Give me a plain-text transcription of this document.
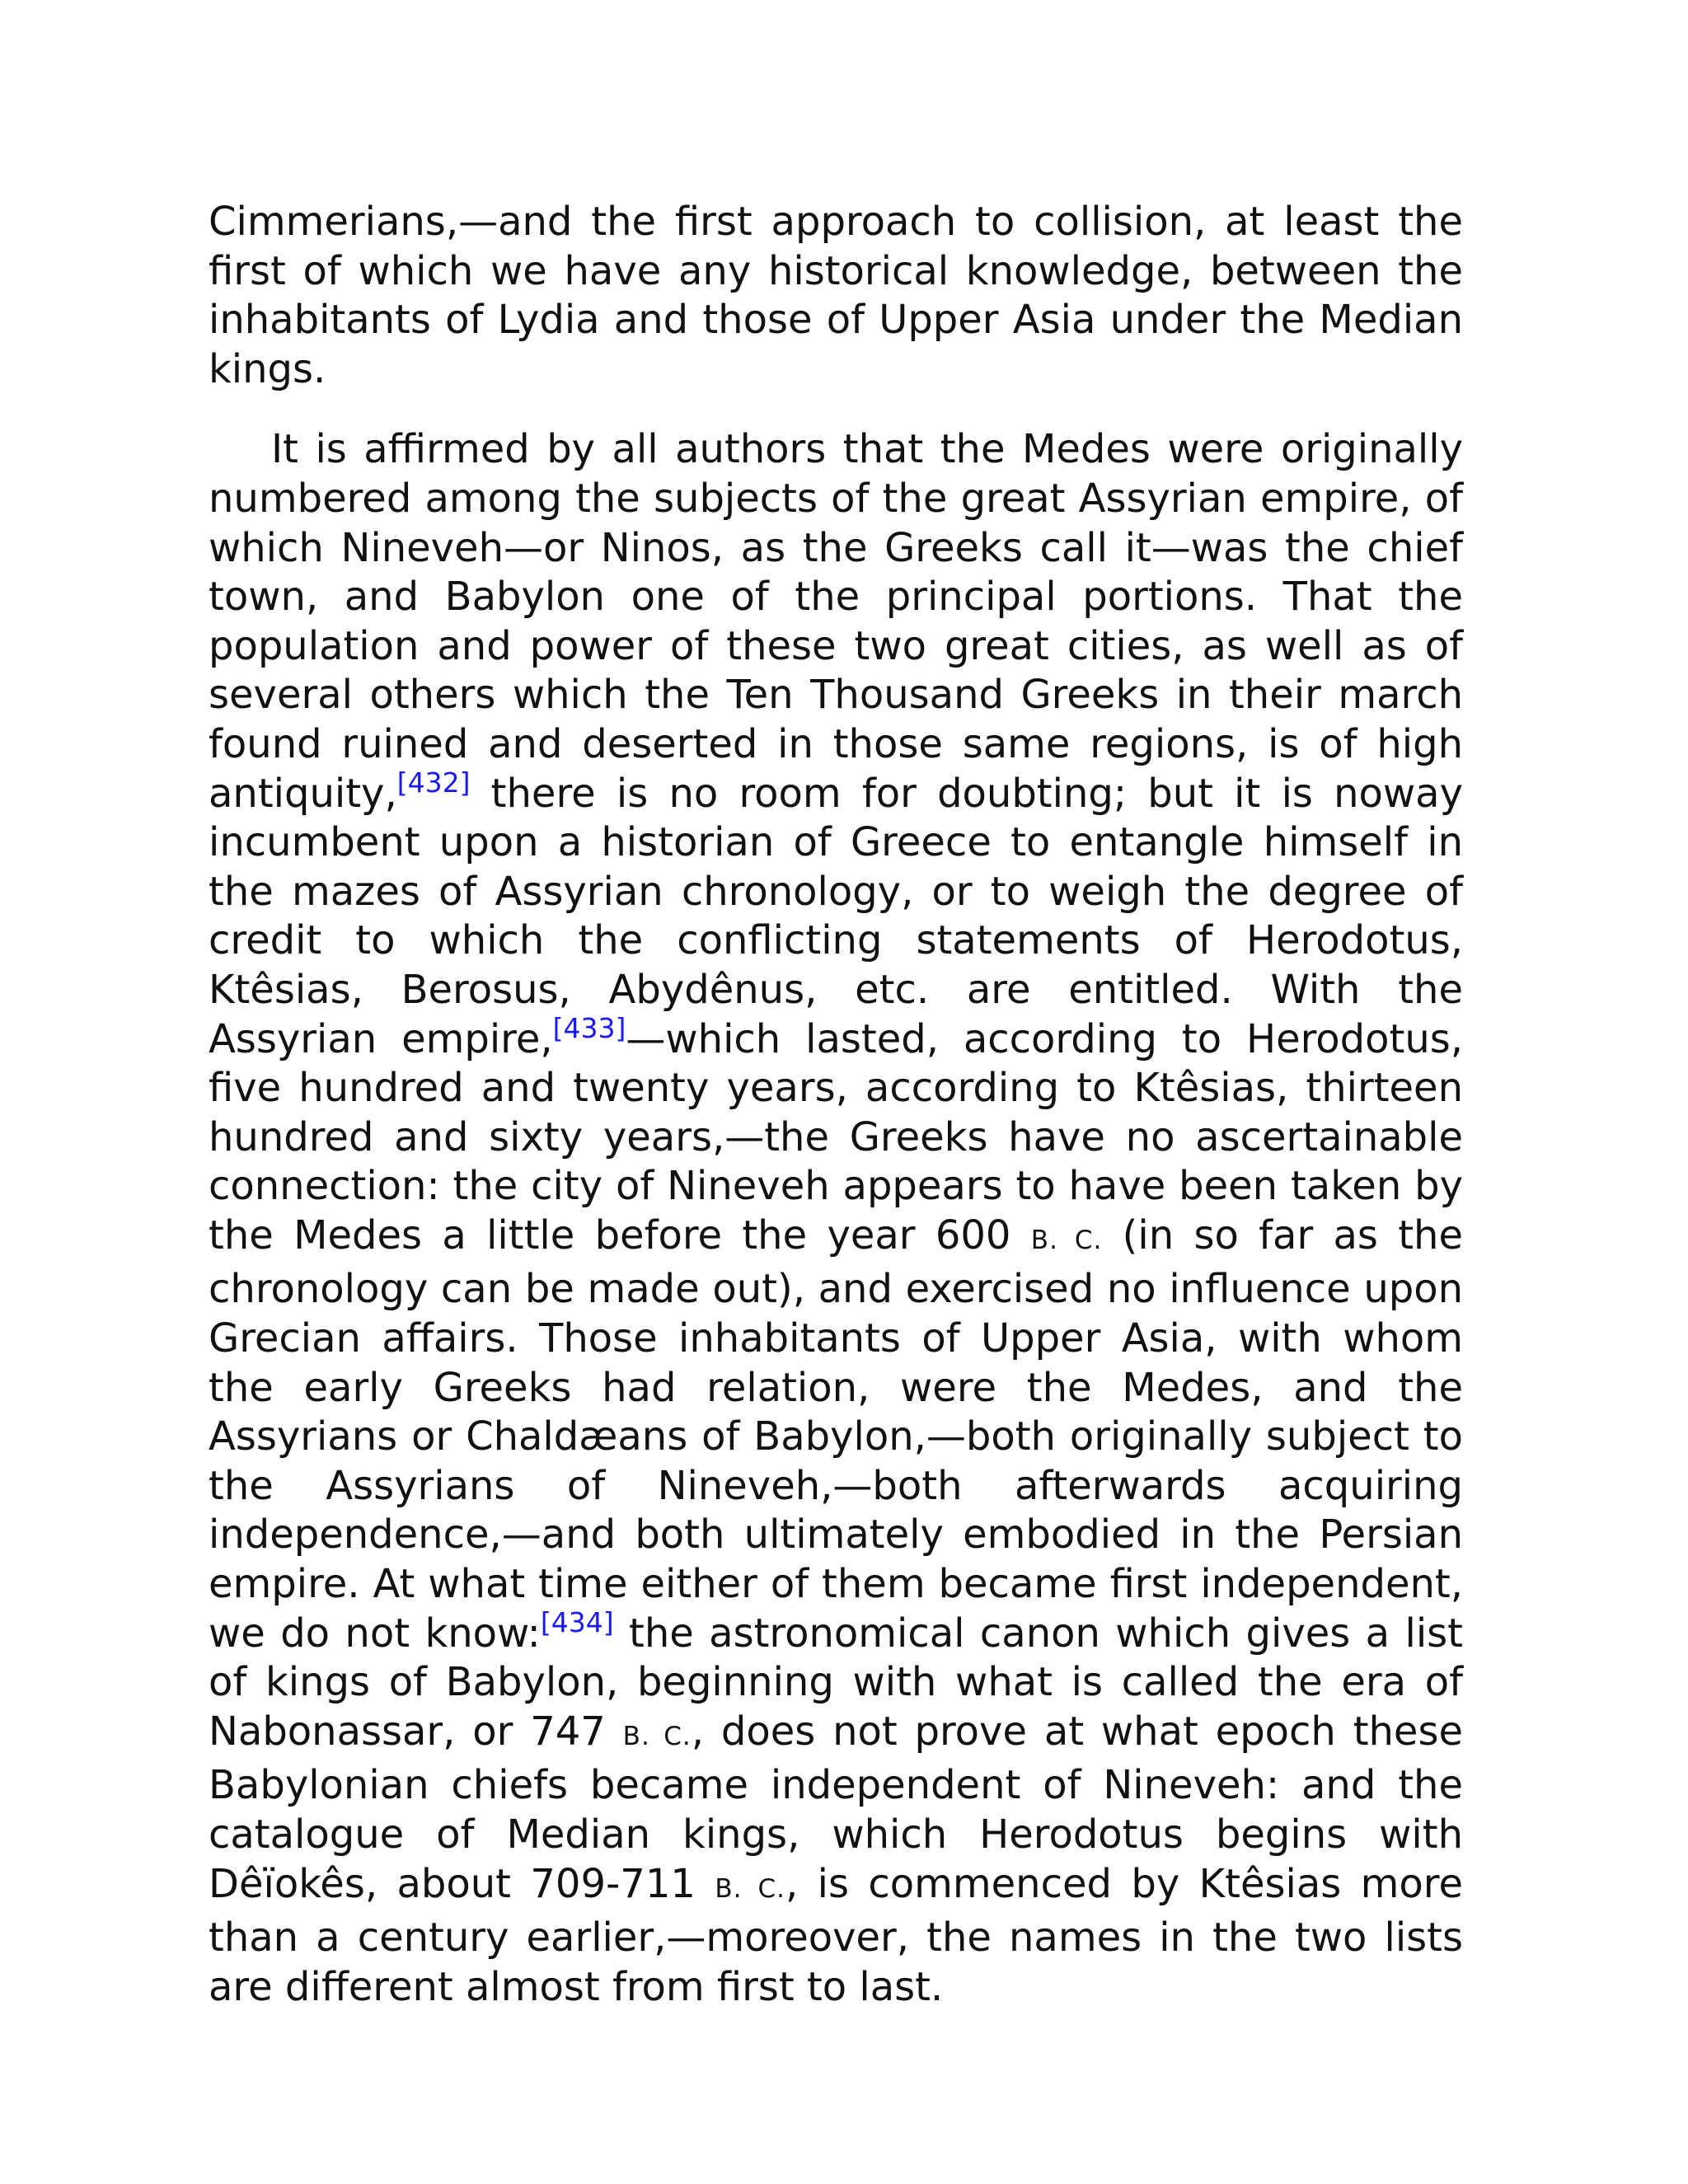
Cimmerians,—and the first approach to collision, at least the first of which we have any historical knowledge, between the inhabitants of Lydia and those of Upper Asia under the Median kings.

It is affirmed by all authors that the Medes were originally numbered among the subjects of the great Assyrian empire, of which Nineveh—or Ninos, as the Greeks call it—was the chief town, and Babylon one of the principal portions. That the population and power of these two great cities, as well as of several others which the Ten Thousand Greeks in their march found ruined and deserted in those same regions, is of high antiquity,[432] there is no room for doubting; but it is noway incumbent upon a historian of Greece to entangle himself in the mazes of Assyrian chronology, or to weigh the degree of credit to which the conflicting statements of Herodotus, Ktêsias, Berosus, Abydênus, etc. are entitled. With the Assyrian empire,[433]—which lasted, according to Herodotus, five hundred and twenty years, according to Ktêsias, thirteen hundred and sixty years,—the Greeks have no ascertainable connection: the city of Nineveh appears to have been taken by the Medes a little before the year 600 B. C. (in so far as the chronology can be made out), and exercised no influence upon Grecian affairs. Those inhabitants of Upper Asia, with whom the early Greeks had relation, were the Medes, and the Assyrians or Chaldæans of Babylon,—both originally subject to the Assyrians of Nineveh,—both afterwards acquiring independence,—and both ultimately embodied in the Persian empire. At what time either of them became first independent, we do not know:[434] the astronomical canon which gives a list of kings of Babylon, beginning with what is called the era of Nabonassar, or 747 B. C., does not prove at what epoch these Babylonian chiefs became independent of Nineveh: and the catalogue of Median kings, which Herodotus begins with Dêïokês, about 709-711 B. C., is commenced by Ktêsias more than a century earlier,—moreover, the names in the two lists are different almost from first to last.
